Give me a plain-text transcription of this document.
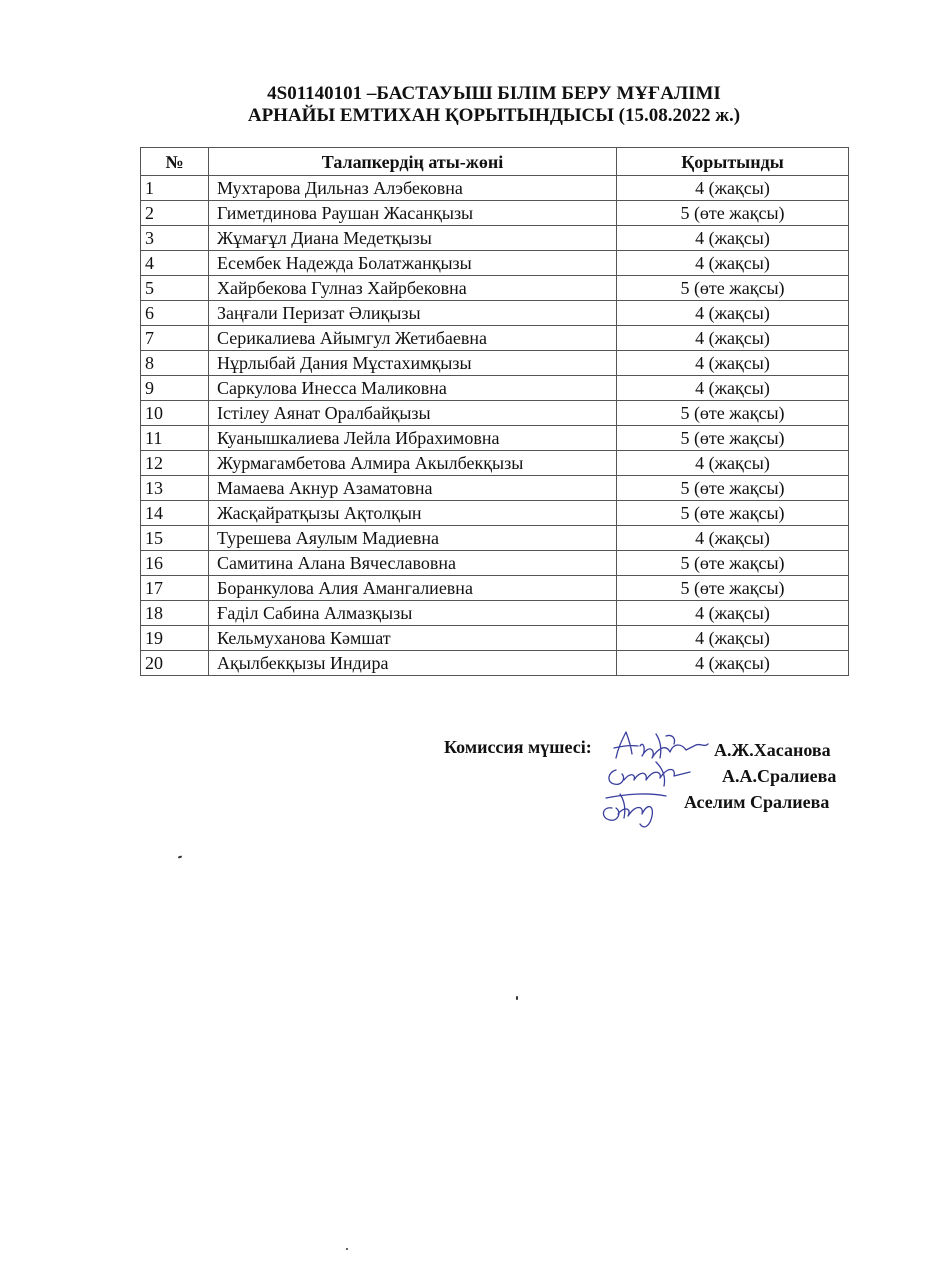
4S01140101 –БАСТАУЫШ БІЛІМ БЕРУ МҰҒАЛІМІ
АРНАЙЫ ЕМТИХАН ҚОРЫТЫНДЫСЫ (15.08.2022 ж.)
№	Талапкердің аты-жөні	Қорытынды
1	Мухтарова Дильназ Алэбековна	4 (жақсы)
2	Гиметдинова Раушан Жасанқызы	5 (өте жақсы)
3	Жұмағұл Диана Медетқызы	4 (жақсы)
4	Есембек Надежда Болатжанқызы	4 (жақсы)
5	Хайрбекова Гулназ Хайрбековна	5 (өте жақсы)
6	Заңғали Перизат Әлиқызы	4 (жақсы)
7	Серикалиева Айымгул Жетибаевна	4 (жақсы)
8	Нұрлыбай Дания Мұстахимқызы	4 (жақсы)
9	Саркулова Инесса Маликовна	4 (жақсы)
10	Істілеу Аянат Оралбайқызы	5 (өте жақсы)
11	Куанышкалиева Лейла Ибрахимовна	5 (өте жақсы)
12	Журмагамбетова Алмира Акылбекқызы	4 (жақсы)
13	Мамаева Акнур Азаматовна	5 (өте жақсы)
14	Жасқайратқызы Ақтолқын	5 (өте жақсы)
15	Турешева Аяулым Мадиевна	4 (жақсы)
16	Самитина Алана Вячеславовна	5 (өте жақсы)
17	Боранкулова Алия Амангалиевна	5 (өте жақсы)
18	Ғаділ Сабина Алмазқызы	4 (жақсы)
19	Кельмуханова Кәмшат	4 (жақсы)
20	Ақылбекқызы Индира	4 (жақсы)
Комиссия мүшесі:	А.Ж.Хасанова
А.А.Сралиева
Аселим Сралиева
